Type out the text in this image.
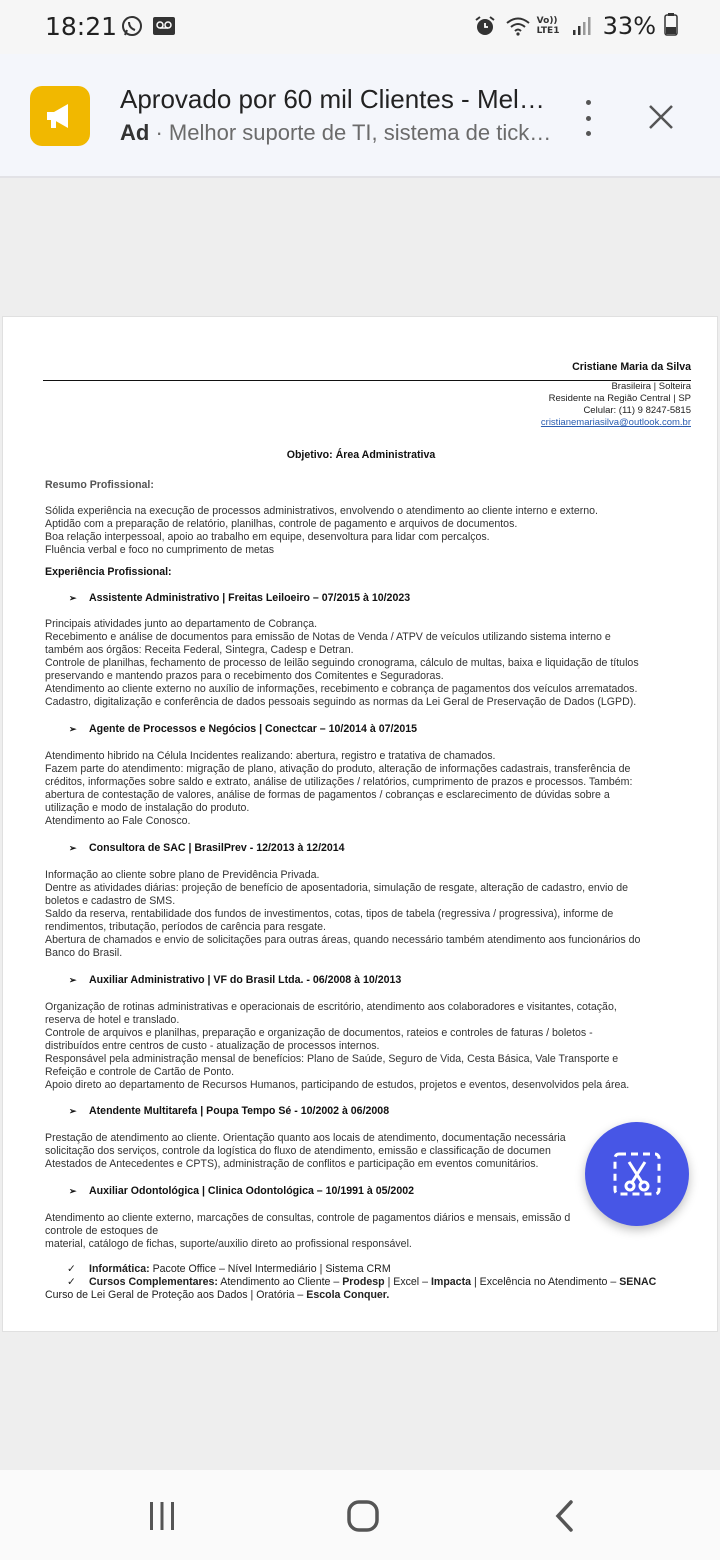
18:21	Vo)) LTE1 33%
Aprovado por 60 mil Clientes - Mel…
Ad · Melhor suporte de TI, sistema de tick…
Cristiane Maria da Silva
Brasileira | Solteira
Residente na Região Central | SP
Celular: (11) 9 8247-5815
cristianemariasilva@outlook.com.br
Objetivo: Área Administrativa
Resumo Profissional:
Sólida experiência na execução de processos administrativos, envolvendo o atendimento ao cliente interno e externo.
Aptidão com a preparação de relatório, planilhas, controle de pagamento e arquivos de documentos.
Boa relação interpessoal, apoio ao trabalho em equipe, desenvoltura para lidar com percalços.
Fluência verbal e foco no cumprimento de metas
Experiência Profissional:
➢ Assistente Administrativo | Freitas Leiloeiro – 07/2015 à 10/2023
Principais atividades junto ao departamento de Cobrança.
Recebimento e análise de documentos para emissão de Notas de Venda / ATPV de veículos utilizando sistema interno e
também aos órgãos: Receita Federal, Sintegra, Cadesp e Detran.
Controle de planilhas, fechamento de processo de leilão seguindo cronograma, cálculo de multas, baixa e liquidação de títulos
preservando e mantendo prazos para o recebimento dos Comitentes e Seguradoras.
Atendimento ao cliente externo no auxílio de informações, recebimento e cobrança de pagamentos dos veículos arrematados.
Cadastro, digitalização e conferência de dados pessoais seguindo as normas da Lei Geral de Preservação de Dados (LGPD).
➢ Agente de Processos e Negócios | Conectcar – 10/2014 à 07/2015
Atendimento hibrido na Célula Incidentes realizando: abertura, registro e tratativa de chamados.
Fazem parte do atendimento: migração de plano, ativação do produto, alteração de informações cadastrais, transferência de
créditos, informações sobre saldo e extrato, análise de utilizações / relatórios, cumprimento de prazos e processos. Também:
abertura de contestação de valores, análise de formas de pagamentos / cobranças e esclarecimento de dúvidas sobre a
utilização e modo de instalação do produto.
Atendimento ao Fale Conosco.
➢ Consultora de SAC | BrasilPrev - 12/2013 à 12/2014
Informação ao cliente sobre plano de Previdência Privada.
Dentre as atividades diárias: projeção de benefício de aposentadoria, simulação de resgate, alteração de cadastro, envio de
boletos e cadastro de SMS.
Saldo da reserva, rentabilidade dos fundos de investimentos, cotas, tipos de tabela (regressiva / progressiva), informe de
rendimentos, tributação, períodos de carência para resgate.
Abertura de chamados e envio de solicitações para outras áreas, quando necessário também atendimento aos funcionários do
Banco do Brasil.
➢ Auxiliar Administrativo | VF do Brasil Ltda. - 06/2008 à 10/2013
Organização de rotinas administrativas e operacionais de escritório, atendimento aos colaboradores e visitantes, cotação,
reserva de hotel e translado.
Controle de arquivos e planilhas, preparação e organização de documentos, rateios e controles de faturas / boletos -
distribuídos entre centros de custo - atualização de processos internos.
Responsável pela administração mensal de benefícios: Plano de Saúde, Seguro de Vida, Cesta Básica, Vale Transporte e
Refeição e controle de Cartão de Ponto.
Apoio direto ao departamento de Recursos Humanos, participando de estudos, projetos e eventos, desenvolvidos pela área.
➢ Atendente Multitarefa | Poupa Tempo Sé - 10/2002 à 06/2008
Prestação de atendimento ao cliente. Orientação quanto aos locais de atendimento, documentação necessária
solicitação dos serviços, controle da logística do fluxo de atendimento, emissão e classificação de documen
Atestados de Antecedentes e CPTS), administração de conflitos e participação em eventos comunitários.
➢ Auxiliar Odontológica | Clinica Odontológica – 10/1991 à 05/2002
Atendimento ao cliente externo, marcações de consultas, controle de pagamentos diários e mensais, emissão d
controle de estoques de
material, catálogo de fichas, suporte/auxilio direto ao profissional responsável.
✓ Informática: Pacote Office – Nível Intermediário | Sistema CRM
✓ Cursos Complementares: Atendimento ao Cliente – Prodesp | Excel – Impacta | Excelência no Atendimento – SENAC
Curso de Lei Geral de Proteção aos Dados | Oratória – Escola Conquer.
